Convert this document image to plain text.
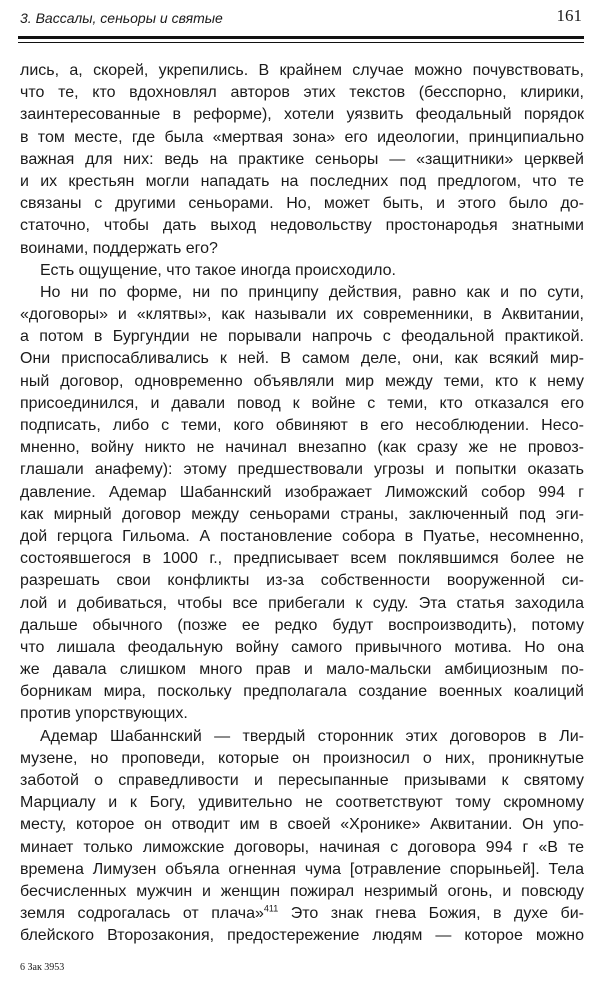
3. Вассалы, сеньоры и святые	161
лись, а, скорей, укрепились. В крайнем случае можно почувствовать,
что те, кто вдохновлял авторов этих текстов (бесспорно, клирики,
заинтересованные в реформе), хотели уязвить феодальный порядок
в том месте, где была «мертвая зона» его идеологии, принципиально
важная для них: ведь на практике сеньоры — «защитники» церквей
и их крестьян могли нападать на последних под предлогом, что те
связаны с другими сеньорами. Но, может быть, и этого было до-
статочно, чтобы дать выход недовольству простонародья знатными
воинами, поддержать его?
Есть ощущение, что такое иногда происходило.
Но ни по форме, ни по принципу действия, равно как и по сути,
«договоры» и «клятвы», как называли их современники, в Аквитании,
а потом в Бургундии не порывали напрочь с феодальной практикой.
Они приспосабливались к ней. В самом деле, они, как всякий мир-
ный договор, одновременно объявляли мир между теми, кто к нему
присоединился, и давали повод к войне с теми, кто отказался его
подписать, либо с теми, кого обвиняют в его несоблюдении. Несо-
мненно, войну никто не начинал внезапно (как сразу же не провоз-
глашали анафему): этому предшествовали угрозы и попытки оказать
давление. Адемар Шабаннский изображает Лиможский собор 994 г
как мирный договор между сеньорами страны, заключенный под эги-
дой герцога Гильома. А постановление собора в Пуатье, несомненно,
состоявшегося в 1000 г., предписывает всем поклявшимся более не
разрешать свои конфликты из-за собственности вооруженной си-
лой и добиваться, чтобы все прибегали к суду. Эта статья заходила
дальше обычного (позже ее редко будут воспроизводить), потому
что лишала феодальную войну самого привычного мотива. Но она
же давала слишком много прав и мало-мальски амбициозным по-
борникам мира, поскольку предполагала создание военных коалиций
против упорствующих.
Адемар Шабаннский — твердый сторонник этих договоров в Ли-
музене, но проповеди, которые он произносил о них, проникнутые
заботой о справедливости и пересыпанные призывами к святому
Марциалу и к Богу, удивительно не соответствуют тому скромному
месту, которое он отводит им в своей «Хронике» Аквитании. Он упо-
минает только лиможские договоры, начиная с договора 994 г «В те
времена Лимузен объяла огненная чума [отравление спорыньей]. Тела
бесчисленных мужчин и женщин пожирал незримый огонь, и повсюду
земля содрогалась от плача»$^{411}$ Это знак гнева Божия, в духе би-
блейского Второзакония, предостережение людям — которое можно
6 Зак 3953
